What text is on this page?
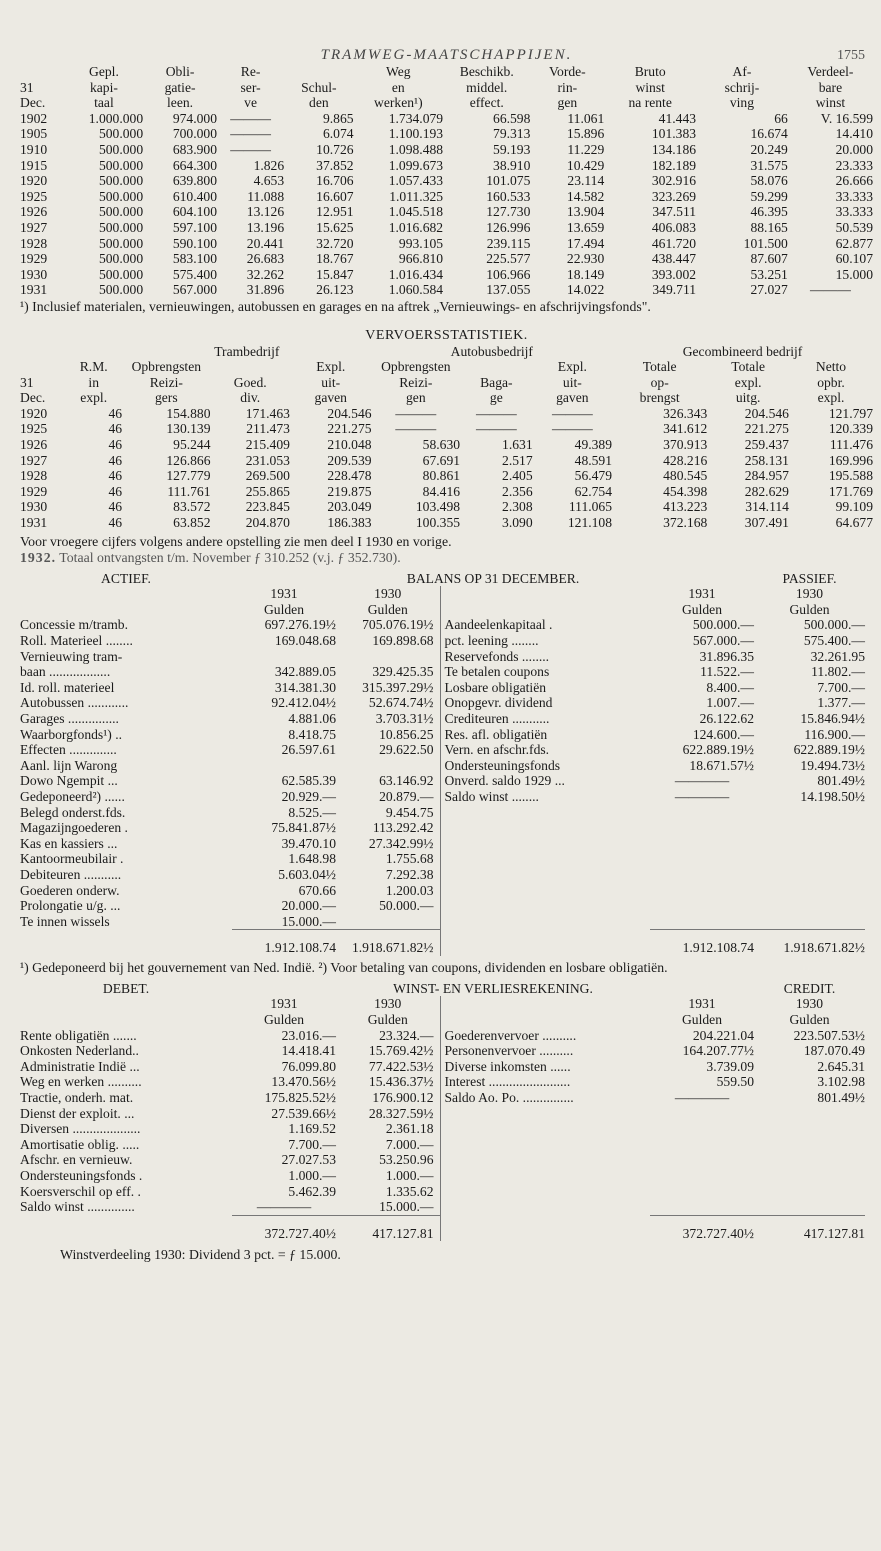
TRAMWEG-MAATSCHAPPIJEN.	1755
	Gepl.	Obli-	Re-		Weg	Beschikb.	Vorde-	Bruto	Af-	Verdeel-
31	kapi-	gatie-	ser-	Schul-	en	middel.	rin-	winst	schrij-	bare
Dec.	taal	leen.	ve	den	werken¹)	effect.	gen	na rente	ving	winst
1902	1.000.000	974.000	———	9.865	1.734.079	66.598	11.061	41.443	66	V. 16.599
1905	500.000	700.000	———	6.074	1.100.193	79.313	15.896	101.383	16.674	14.410
1910	500.000	683.900	———	10.726	1.098.488	59.193	11.229	134.186	20.249	20.000
1915	500.000	664.300	1.826	37.852	1.099.673	38.910	10.429	182.189	31.575	23.333
1920	500.000	639.800	4.653	16.706	1.057.433	101.075	23.114	302.916	58.076	26.666
1925	500.000	610.400	11.088	16.607	1.011.325	160.533	14.582	323.269	59.299	33.333
1926	500.000	604.100	13.126	12.951	1.045.518	127.730	13.904	347.511	46.395	33.333
1927	500.000	597.100	13.196	15.625	1.016.682	126.996	13.659	406.083	88.165	50.539
1928	500.000	590.100	20.441	32.720	993.105	239.115	17.494	461.720	101.500	62.877
1929	500.000	583.100	26.683	18.767	966.810	225.577	22.930	438.447	87.607	60.107
1930	500.000	575.400	32.262	15.847	1.016.434	106.966	18.149	393.002	53.251	15.000
1931	500.000	567.000	31.896	26.123	1.060.584	137.055	14.022	349.711	27.027	———

¹) Inclusief materialen, vernieuwingen, autobussen en garages en na aftrek „Vernieuwings- en afschrijvingsfonds".

VERVOERSSTATISTIEK.
		Trambedrijf			Autobusbedrijf			Gecombineerd bedrijf		
	R.M.	Opbrengsten		Expl.	Opbrengsten		Expl.	Totale	Totale	Netto
31	in	Reizi-	Goed.	uit-	Reizi-	Baga-	uit-	op-	expl.	opbr.
Dec.	expl.	gers	div.	gaven	gen	ge	gaven	brengst	uitg.	expl.
1920	46	154.880	171.463	204.546	———	———	———	326.343	204.546	121.797
1925	46	130.139	211.473	221.275	———	———	———	341.612	221.275	120.339
1926	46	95.244	215.409	210.048	58.630	1.631	49.389	370.913	259.437	111.476
1927	46	126.866	231.053	209.539	67.691	2.517	48.591	428.216	258.131	169.996
1928	46	127.779	269.500	228.478	80.861	2.405	56.479	480.545	284.957	195.588
1929	46	111.761	255.865	219.875	84.416	2.356	62.754	454.398	282.629	171.769
1930	46	83.572	223.845	203.049	103.498	2.308	111.065	413.223	314.114	99.109
1931	46	63.852	204.870	186.383	100.355	3.090	121.108	372.168	307.491	64.677

Voor vroegere cijfers volgens andere opstelling zie men deel I 1930 en vorige.

1932. Totaal ontvangsten t/m. November ƒ 310.252 (v.j. ƒ 352.730).

ACTIEF.	BALANS OP 31 DECEMBER.				PASSIEF.
	1931	1930		1931	1930
	Gulden	Gulden		Gulden	Gulden
Concessie m/tramb.	697.276.19½	705.076.19½	Aandeelenkapitaal .	500.000.—	500.000.—
Roll. Materieel ........	169.048.68	169.898.68	pct. leening ........	567.000.—	575.400.—
Vernieuwing tram-			Reservefonds ........	31.896.35	32.261.95
baan ..................	342.889.05	329.425.35	Te betalen coupons	11.522.—	11.802.—
Id. roll. materieel	314.381.30	315.397.29½	Losbare obligatiën	8.400.—	7.700.—
Autobussen ............	92.412.04½	52.674.74½	Onopgevr. dividend	1.007.—	1.377.—
Garages ...............	4.881.06	3.703.31½	Crediteuren ...........	26.122.62	15.846.94½
Waarborgfonds¹) ..	8.418.75	10.856.25	Res. afl. obligatiën	124.600.—	116.900.—
Effecten ..............	26.597.61	29.622.50	Vern. en afschr.fds.	622.889.19½	622.889.19½
Aanl. lijn Warong			Ondersteuningsfonds	18.671.57½	19.494.73½
Dowo Ngempit ...	62.585.39	63.146.92	Onverd. saldo 1929 ...	————	801.49½
Gedeponeerd²) ......	20.929.—	20.879.—	Saldo winst ........	————	14.198.50½
Belegd onderst.fds.	8.525.—	9.454.75			
Magazijngoederen .	75.841.87½	113.292.42			
Kas en kassiers ...	39.470.10	27.342.99½			
Kantoormeubilair .	1.648.98	1.755.68			
Debiteuren ...........	5.603.04½	7.292.38			
Goederen onderw.	670.66	1.200.03			
Prolongatie u/g. ...	20.000.—	50.000.—			
Te innen wissels	15.000.—				
	1.912.108.74	1.918.671.82½		1.912.108.74	1.918.671.82½

¹) Gedeponeerd bij het gouvernement van Ned. Indië. ²) Voor betaling van coupons, dividenden en losbare obligatiën.

DEBET.	WINST- EN VERLIESREKENING.				CREDIT.
	1931	1930		1931	1930
	Gulden	Gulden		Gulden	Gulden
Rente obligatiën .......	23.016.—	23.324.—	Goederenvervoer ..........	204.221.04	223.507.53½
Onkosten Nederland..	14.418.41	15.769.42½	Personenvervoer ..........	164.207.77½	187.070.49
Administratie Indië ...	76.099.80	77.422.53½	Diverse inkomsten ......	3.739.09	2.645.31
Weg en werken ..........	13.470.56½	15.436.37½	Interest ........................	559.50	3.102.98
Tractie, onderh. mat.	175.825.52½	176.900.12	Saldo Ao. Po. ...............	————	801.49½
Dienst der exploit. ...	27.539.66½	28.327.59½			
Diversen ....................	1.169.52	2.361.18			
Amortisatie oblig. .....	7.700.—	7.000.—			
Afschr. en vernieuw.	27.027.53	53.250.96			
Ondersteuningsfonds .	1.000.—	1.000.—			
Koersverschil op eff. .	5.462.39	1.335.62			
Saldo winst ..............	————	15.000.—			
	372.727.40½	417.127.81		372.727.40½	417.127.81

Winstverdeeling 1930: Dividend 3 pct. = ƒ 15.000.
